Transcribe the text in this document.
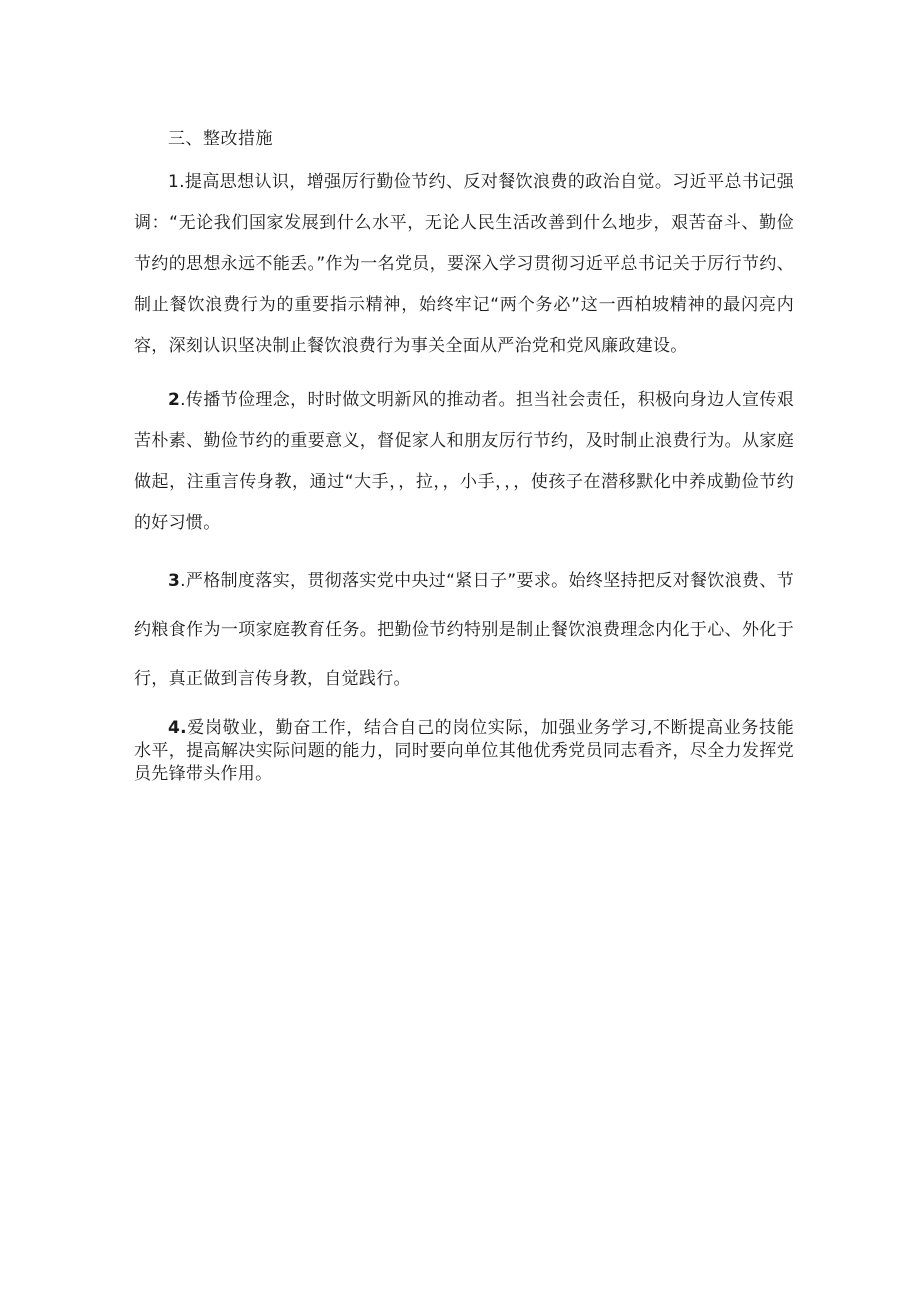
三、整改措施

1.提高思想认识，增强厉行勤俭节约、反对餐饮浪费的政治自觉。习近平总书记强调：“无论我们国家发展到什么水平，无论人民生活改善到什么地步，艰苦奋斗、勤俭节约的思想永远不能丢。”作为一名党员，要深入学习贯彻习近平总书记关于厉行节约、制止餐饮浪费行为的重要指示精神，始终牢记“两个务必”这一西柏坡精神的最闪亮内容，深刻认识坚决制止餐饮浪费行为事关全面从严治党和党风廉政建设。

2.传播节俭理念，时时做文明新风的推动者。担当社会责任，积极向身边人宣传艰苦朴素、勤俭节约的重要意义，督促家人和朋友厉行节约，及时制止浪费行为。从家庭做起，注重言传身教，通过“大手，，拉，，小手，，，使孩子在潜移默化中养成勤俭节约的好习惯。

3.严格制度落实，贯彻落实党中央过“紧日子”要求。始终坚持把反对餐饮浪费、节约粮食作为一项家庭教育任务。把勤俭节约特别是制止餐饮浪费理念内化于心、外化于行，真正做到言传身教，自觉践行。

4.爱岗敬业，勤奋工作，结合自己的岗位实际，加强业务学习,不断提高业务技能水平，提高解决实际问题的能力，同时要向单位其他优秀党员同志看齐，尽全力发挥党员先锋带头作用。
